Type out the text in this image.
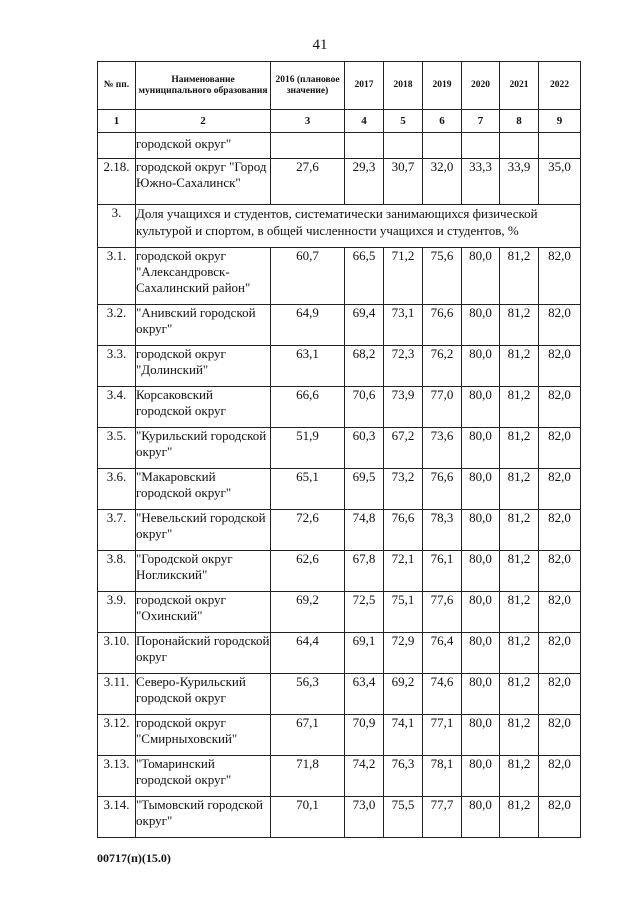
41
№ пп.	Наименование муниципального образования	2016 (плановое значение)	2017	2018	2019	2020	2021	2022
1	2	3	4	5	6	7	8	9
	городской округ"							
2.18.	городской округ "Город Южно-Сахалинск"	27,6	29,3	30,7	32,0	33,3	33,9	35,0
3.	Доля учащихся и студентов, систематически занимающихся физической культурой и спортом, в общей численности учащихся и студентов, %							
3.1.	городской округ "Александровск-Сахалинский район"	60,7	66,5	71,2	75,6	80,0	81,2	82,0
3.2.	"Анивский городской округ"	64,9	69,4	73,1	76,6	80,0	81,2	82,0
3.3.	городской округ "Долинский"	63,1	68,2	72,3	76,2	80,0	81,2	82,0
3.4.	Корсаковский городской округ	66,6	70,6	73,9	77,0	80,0	81,2	82,0
3.5.	"Курильский городской округ"	51,9	60,3	67,2	73,6	80,0	81,2	82,0
3.6.	"Макаровский городской округ"	65,1	69,5	73,2	76,6	80,0	81,2	82,0
3.7.	"Невельский городской округ"	72,6	74,8	76,6	78,3	80,0	81,2	82,0
3.8.	"Городской округ Ногликский"	62,6	67,8	72,1	76,1	80,0	81,2	82,0
3.9.	городской округ "Охинский"	69,2	72,5	75,1	77,6	80,0	81,2	82,0
3.10.	Поронайский городской округ	64,4	69,1	72,9	76,4	80,0	81,2	82,0
3.11.	Северо-Курильский городской округ	56,3	63,4	69,2	74,6	80,0	81,2	82,0
3.12.	городской округ "Смирныховский"	67,1	70,9	74,1	77,1	80,0	81,2	82,0
3.13.	"Томаринский городской округ"	71,8	74,2	76,3	78,1	80,0	81,2	82,0
3.14.	"Тымовский городской округ"	70,1	73,0	75,5	77,7	80,0	81,2	82,0
00717(п)(15.0)
